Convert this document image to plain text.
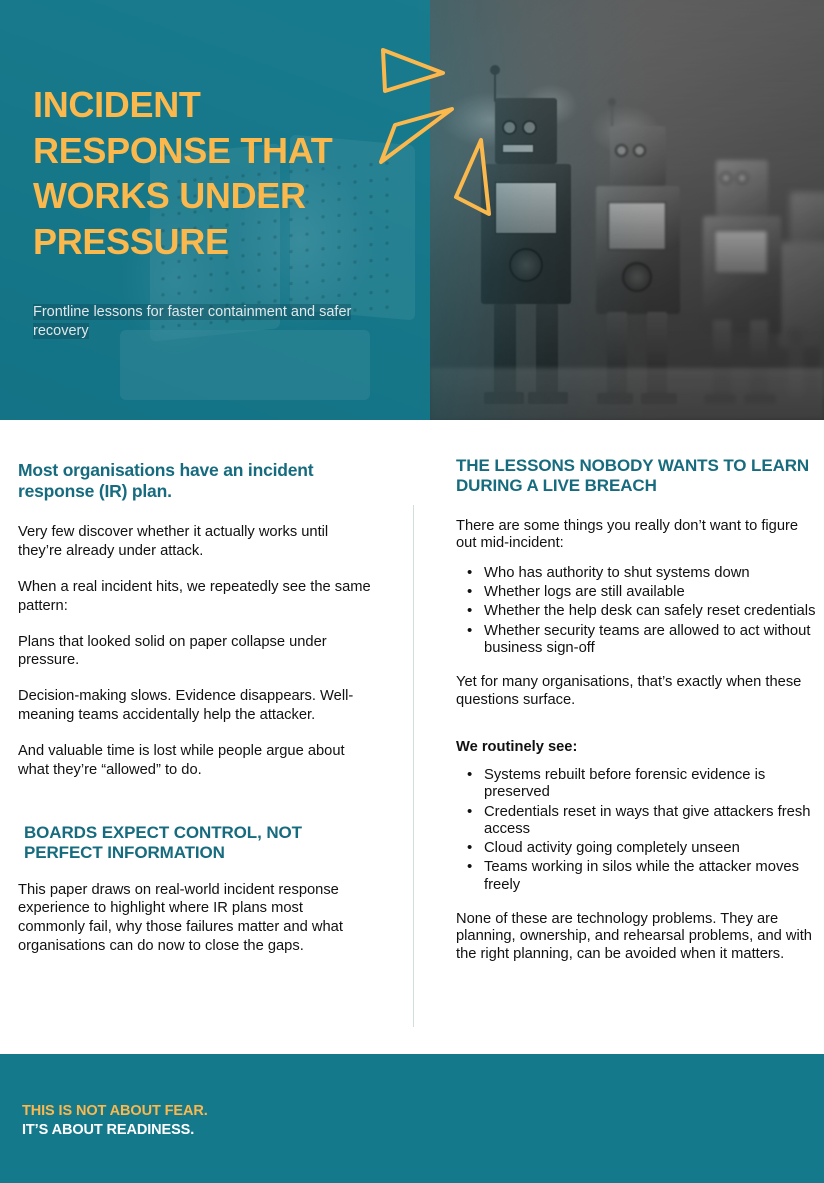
INCIDENT RESPONSE THAT WORKS UNDER PRESSURE
Frontline lessons for faster containment and safer recovery
Most organisations have an incident response (IR) plan.

Very few discover whether it actually works until they’re already under attack.

When a real incident hits, we repeatedly see the same pattern:

Plans that looked solid on paper collapse under pressure.

Decision-making slows. Evidence disappears. Well-meaning teams accidentally help the attacker.

And valuable time is lost while people argue about what they’re “allowed” to do.

BOARDS EXPECT CONTROL, NOT PERFECT INFORMATION

This paper draws on real-world incident response experience to highlight where IR plans most commonly fail, why those failures matter and what organisations can do now to close the gaps.

THE LESSONS NOBODY WANTS TO LEARN DURING A LIVE BREACH

There are some things you really don’t want to figure out mid-incident:

• Who has authority to shut systems down
• Whether logs are still available
• Whether the help desk can safely reset credentials
• Whether security teams are allowed to act without business sign-off

Yet for many organisations, that’s exactly when these questions surface.

We routinely see:

• Systems rebuilt before forensic evidence is preserved
• Credentials reset in ways that give attackers fresh access
• Cloud activity going completely unseen
• Teams working in silos while the attacker moves freely

None of these are technology problems. They are planning, ownership, and rehearsal problems, and with the right planning, can be avoided when it matters.

THIS IS NOT ABOUT FEAR.
IT’S ABOUT READINESS.
